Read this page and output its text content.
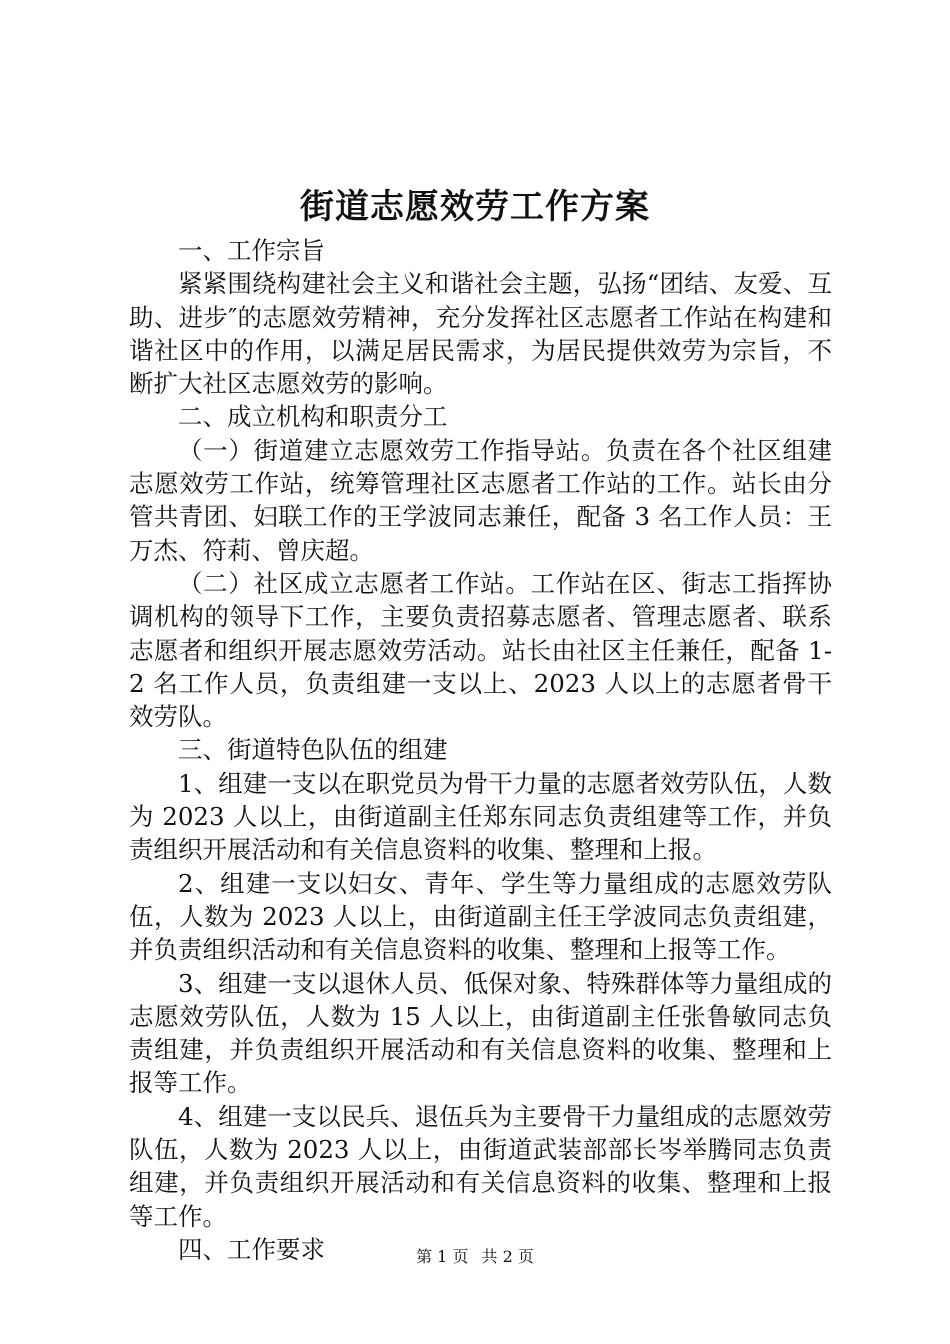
街道志愿效劳工作方案

一、工作宗旨

紧紧围绕构建社会主义和谐社会主题，弘扬“团结、友爱、互助、进步″的志愿效劳精神，充分发挥社区志愿者工作站在构建和谐社区中的作用，以满足居民需求，为居民提供效劳为宗旨，不断扩大社区志愿效劳的影响。

二、成立机构和职责分工

（一）街道建立志愿效劳工作指导站。负责在各个社区组建志愿效劳工作站，统筹管理社区志愿者工作站的工作。站长由分管共青团、妇联工作的王学波同志兼任，配备 3 名工作人员：王万杰、符莉、曾庆超。

（二）社区成立志愿者工作站。工作站在区、街志工指挥协调机构的领导下工作，主要负责招募志愿者、管理志愿者、联系志愿者和组织开展志愿效劳活动。站长由社区主任兼任，配备 1-2 名工作人员，负责组建一支以上、2023 人以上的志愿者骨干效劳队。

三、街道特色队伍的组建

1、组建一支以在职党员为骨干力量的志愿者效劳队伍，人数为 2023 人以上，由街道副主任郑东同志负责组建等工作，并负责组织开展活动和有关信息资料的收集、整理和上报。

2、组建一支以妇女、青年、学生等力量组成的志愿效劳队伍，人数为 2023 人以上，由街道副主任王学波同志负责组建，并负责组织活动和有关信息资料的收集、整理和上报等工作。

3、组建一支以退休人员、低保对象、特殊群体等力量组成的志愿效劳队伍，人数为 15 人以上，由街道副主任张鲁敏同志负责组建，并负责组织开展活动和有关信息资料的收集、整理和上报等工作。

4、组建一支以民兵、退伍兵为主要骨干力量组成的志愿效劳队伍，人数为 2023 人以上，由街道武装部部长岑举腾同志负责组建，并负责组织开展活动和有关信息资料的收集、整理和上报等工作。

四、工作要求	第 1 页 共 2 页
